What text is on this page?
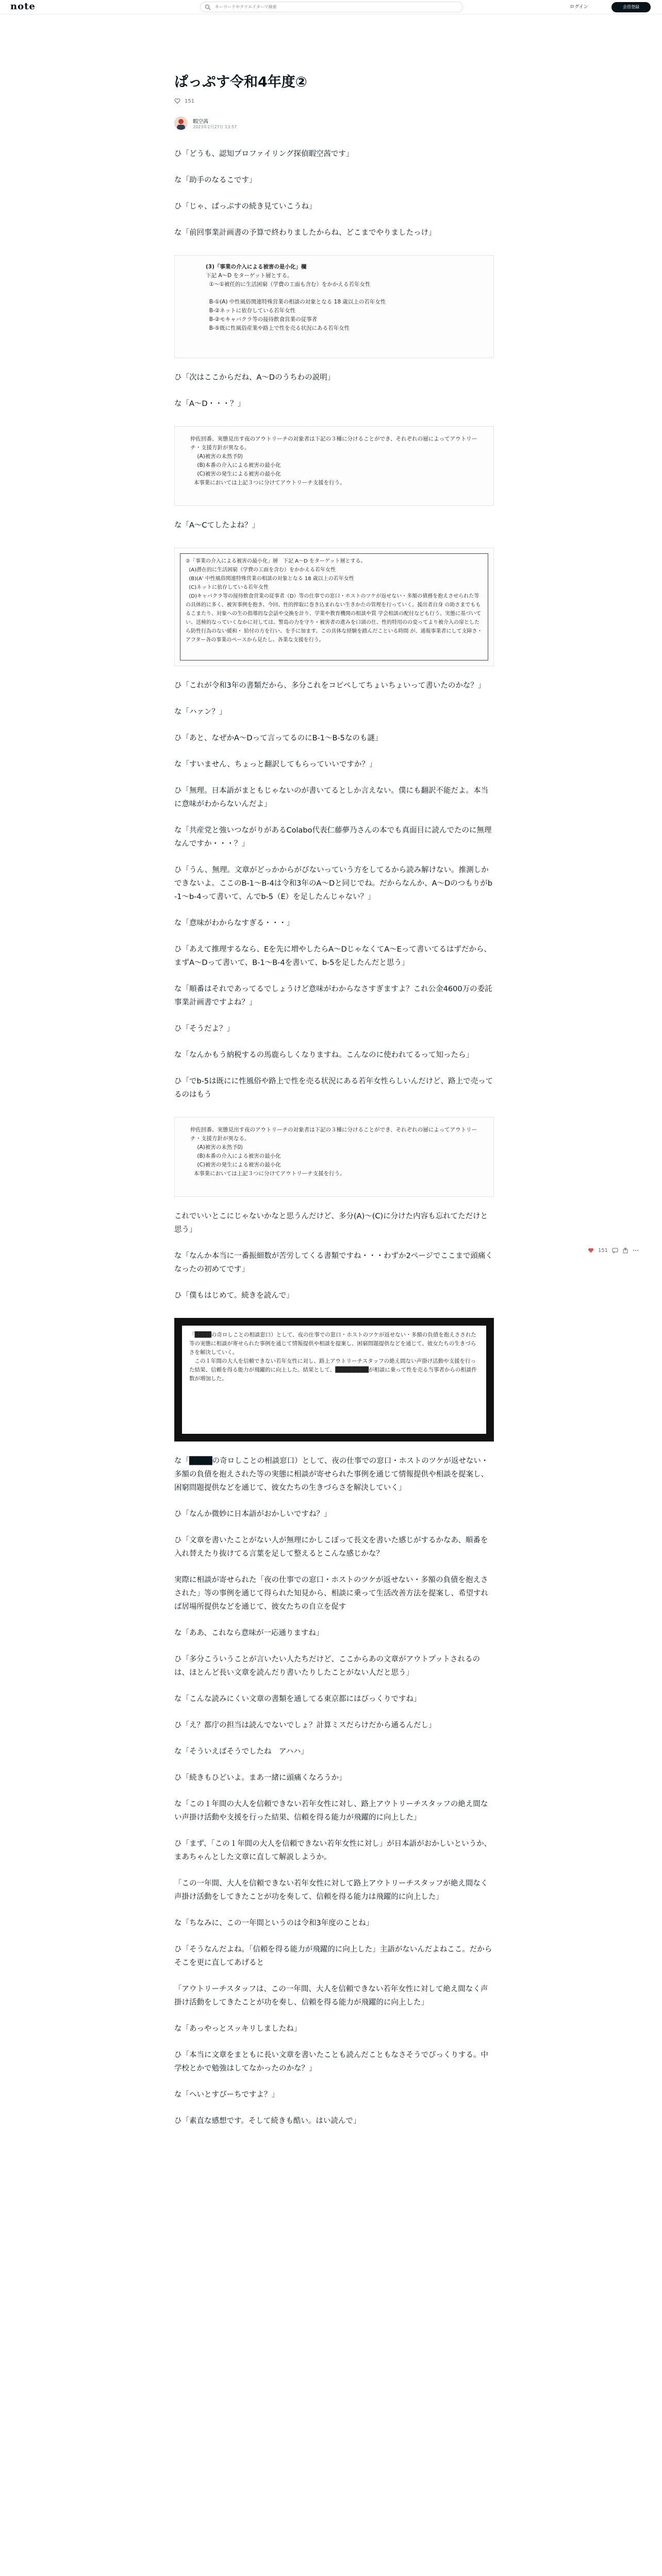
note
キーワードやクリエイターで検索	ログイン	会員登録
ぱっぷす令和4年度②
151
暇空茜
2023年2月27日 13:57

ひ「どうも、認知プロファイリング探偵暇空茜です」

な「助手のなるこです」

ひ「じゃ、ぱっぷすの続き見ていこうね」

な「前回事業計画書の予算で終わりましたからね、どこまでやりましたっけ」

(3)「事業の介入による被害の是小化」欄
下記 A～D をターゲット層とする。
①～①被任的に生活困窮（学費の工面も含む）をかかえる若年女性

B-①(A) 中性風俗関連特殊営業の相談の対象となる 18 歳以上の若年女性
B-②ネットに依存している若年女性
B-②モキャバクラ等の接待飲食営業の従事者
B-⑤既に性風俗産業や路上で性を売る状況にある若年女性

ひ「次はここからだね、A～Dのうちわの説明」

な「A～D・・・？」

仲佐回番、実態見出す夜のアウトリーチの対象者は下記の３種に分けることができ、それぞれの層によってアウトリーチ・支援方針が異なる。
(A)被害の未然予防
(B)本番の介入による被害の最小化
(C)被害の発生による被害の最小化
本事業においては上記３つに分けてアウトリーチ支援を行う。

な「A～Cてしたよね？」

②「事業の介入による被害の最小化」層　下記 A～D をターゲット層とする。
(A)潜在的に生活困窮（学費の工面を含む）をかかえる若年女性
(B)(A' 中性風俗関連特殊営業の相談の対象となる 18 歳以上の若年女性
(C)ネットに依存している若年女性
(D)キャバクラ等の接待飲食営業の従事者（D）等の仕事での窓口・ホストのツケが返せない・多額の債務を抱えさせられた等の具体的に多く、被害事例を抱き、今回、性的搾取に巻き込まれない生きかたの管理を行っていく。援出者自身 の助さまでももるこまたり、対象への生の指導的な会話や交換を計り、学業や教育機関の相談や質 学会相談の配付なども行う。実態に基づいてい、送検的なっていくなかに対しては、警島の力を守り・被害者の進みを口頭の仕、性的特用のの変ってより被介入の扉としたら防性行為のない緩和・ 給付の方を行い、を手に加ます。この具体な経験を踏んだこといる時間 が、通報事業者にして支障さ・アフター各の事業のペースから見たし、各業な支援を行う。

ひ「これが令和3年の書類だから、多分これをコピペしてちょいちょいって書いたのかな？」

な「ハァン？」

ひ「あと、なぜかA～Dって言ってるのにB-1～B-5なのも謎」

な「すいません、ちょっと翻訳してもらっていいですか？」

ひ「無理。日本語がまともじゃないのが書いてるとしか言えない。僕にも翻訳不能だよ。本当に意味がわからないんだよ」

な「共産党と強いつながりがあるColabo代表仁藤夢乃さんの本でも真面目に読んでたのに無理なんですか・・・？」

ひ「うん、無理。文章がどっかからがびないっていう方をしてるから読み解けない。推測しかできないよ。ここのB-1～B-4は令和3年のA～Dと同じでね。だからなんか、A～Dのつもりがb-1～b-4って書いて、んでb-5（E）を足したんじゃない？」

な「意味がわからなすぎる・・・」

ひ「あえて推理するなら、Eを先に増やしたらA～DじゃなくてA～Eって書いてるはずだから、まずA～Dって書いて、B-1～B-4を書いて、b-5を足したんだと思う」

な「順番はそれであってるでしょうけど意味がわからなさすぎますよ？これ公金4600万の委託事業計画書ですよね？」

ひ「そうだよ？」

な「なんかもう納税するの馬鹿らしくなりますね。こんなのに使われてるって知ったら」

ひ「でb-5は既にに性風俗や路上で性を売る状況にある若年女性らしいんだけど、路上で売ってるのはもう

仲佐回番、実態見出す夜のアウトリーチの対象者は下記の３種に分けることができ、それぞれの層によってアウトリーチ・支援方針が異なる。
(A)被害の未然予防
(B)本番の介入による被害の最小化
(C)被害の発生による被害の最小化
本事業においては上記３つに分けてアウトリーチ支援を行う。

これでいいとこにじゃないかなと思うんだけど、多分(A)～(C)に分けた内容も忘れてただけと思う」

な「なんか本当に一番振細数が苦労してくる書類ですね・・・わずか2ページでここまで頭痛くなったの初めてです」

ひ「僕もはじめて。続きを読んで」

「████の奇ロしことの相談窓口）として、夜の仕事での窓口・ホストのツケが返せない・多額の負債を抱えさされた等の実態に相談が寄せられた事例を通じて情報提供や相談を提案し、困窮問題提供などを通じて、彼女たちの生きづらさを解決していく。
　この１年間の大人を信頼できない若年女性に対し、路上アウトリーチスタッフの絶え間ない声掛け活動や支援を行った結果、信頼を得る能力が飛躍的に向上した。結果として、████████が相談に乗って性を売る当事者からの相談件数が増加した。

な「████の奇ロしことの相談窓口）として、夜の仕事での窓口・ホストのツケが返せない・多額の負債を抱えされた等の実態に相談が寄せられた事例を通じて情報提供や相談を提案し、困窮問題提供などを通じて、彼女たちの生きづらさを解決していく」

ひ「なんか微妙に日本語がおかしいですね？」

ひ「文章を書いたことがない人が無理にかしこぼって長文を書いた感じがするかなあ、順番を入れ替えたり抜けてる言葉を足して整えるとこんな感じかな？

実際に相談が寄せられた「夜の仕事での窓口・ホストのツケが返せない・多額の負債を抱えさされた」等の事例を通じて得られた知見から、相談に乗って生活改善方法を提案し、希望すれば居場所提供などを通じて、彼女たちの自立を促す

な「ああ、これなら意味が一応通りますね」

ひ「多分こういうことが言いたい人たちだけど、ここからあの文章がアウトプットされるのは、ほとんど長い文章を読んだり書いたりしたことがない人だと思う」

な「こんな読みにくい文章の書類を通してる東京都にはびっくりですね」

ひ「え？都庁の担当は読んでないでしょ？計算ミスだらけだから通るんだし」

な「そういえばそうでしたね　アハハ」

ひ「続きもひどいよ。まあ一緒に頭痛くなろうか」

な「この１年間の大人を信頼できない若年女性に対し、路上アウトリーチスタッフの絶え間ない声掛け活動や支援を行った結果、信頼を得る能力が飛躍的に向上した」

ひ「まず、「この１年間の大人を信頼できない若年女性に対し」が日本語がおかしいというか、まあちゃんとした文章に直して解説しようか。

「この一年間、大人を信頼できない若年女性に対して路上アウトリーチスタッフが絶え間なく声掛け活動をしてきたことが功を奏して、信頼を得る能力は飛躍的に向上した」

な「ちなみに、この一年間というのは令和3年度のことね」

ひ「そうなんだよね。「信頼を得る能力が飛躍的に向上した」主語がないんだよねここ。だからそこを更に直してあげると

「アウトリーチスタッフは、この一年間、大人を信頼できない若年女性に対して絶え間なく声掛け活動をしてきたことが功を奏し、信頼を得る能力が飛躍的に向上した」

な「あっやっとスッキリしましたね」

ひ「本当に文章をまともに長い文章を書いたことも読んだこともなさそうでびっくりする。中学校とかで勉強はしてなかったのかな？」

な「へいとすぴーちですよ？」

ひ「素直な感想です。そして続きも酷い。はい読んで」

151
